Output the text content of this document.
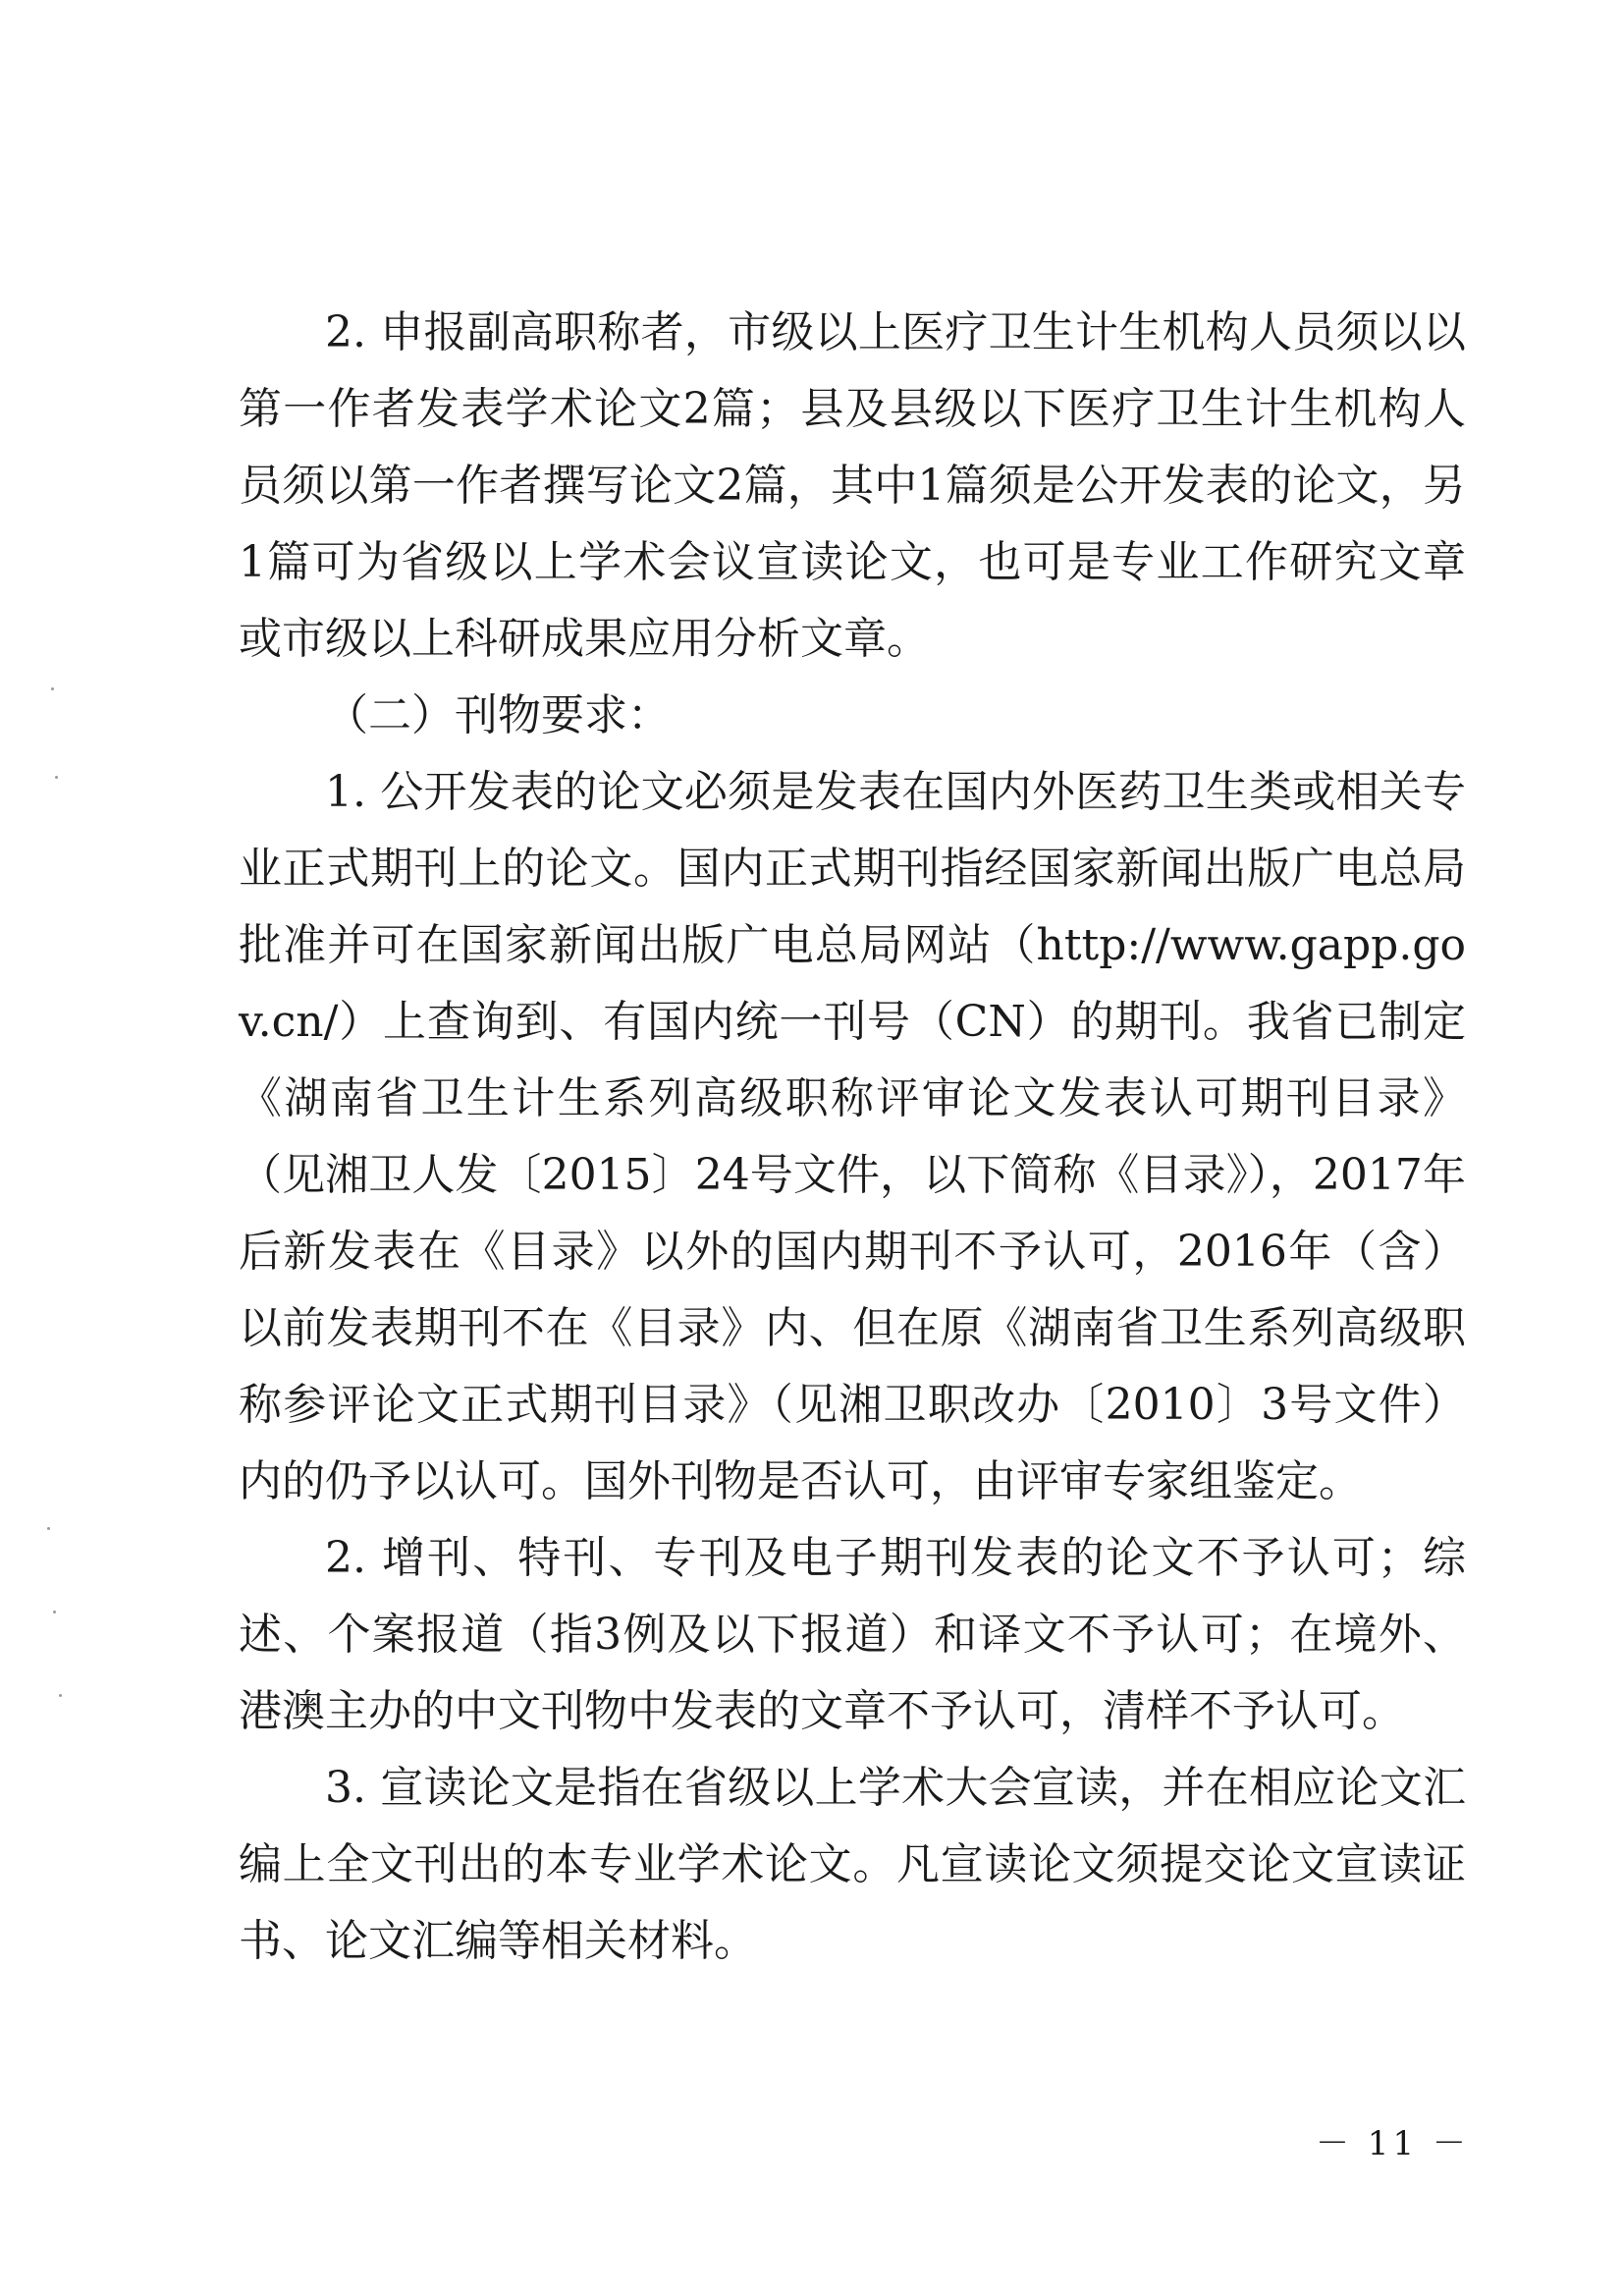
2. 申报副高职称者，市级以上医疗卫生计生机构人员须以以第一作者发表学术论文2篇；县及县级以下医疗卫生计生机构人员须以第一作者撰写论文2篇，其中1篇须是公开发表的论文，另1篇可为省级以上学术会议宣读论文，也可是专业工作研究文章或市级以上科研成果应用分析文章。

（二）刊物要求：

1. 公开发表的论文必须是发表在国内外医药卫生类或相关专业正式期刊上的论文。国内正式期刊指经国家新闻出版广电总局批准并可在国家新闻出版广电总局网站（http://www.gapp.gov.cn/）上查询到、有国内统一刊号（CN）的期刊。我省已制定《湖南省卫生计生系列高级职称评审论文发表认可期刊目录》（见湘卫人发〔2015〕24号文件，以下简称《目录》），2017年后新发表在《目录》以外的国内期刊不予认可，2016年（含）以前发表期刊不在《目录》内、但在原《湖南省卫生系列高级职称参评论文正式期刊目录》（见湘卫职改办〔2010〕3号文件）内的仍予以认可。国外刊物是否认可，由评审专家组鉴定。

2. 增刊、特刊、专刊及电子期刊发表的论文不予认可；综述、个案报道（指3例及以下报道）和译文不予认可；在境外、港澳主办的中文刊物中发表的文章不予认可，清样不予认可。

3. 宣读论文是指在省级以上学术大会宣读，并在相应论文汇编上全文刊出的本专业学术论文。凡宣读论文须提交论文宣读证书、论文汇编等相关材料。

－ 11 －
